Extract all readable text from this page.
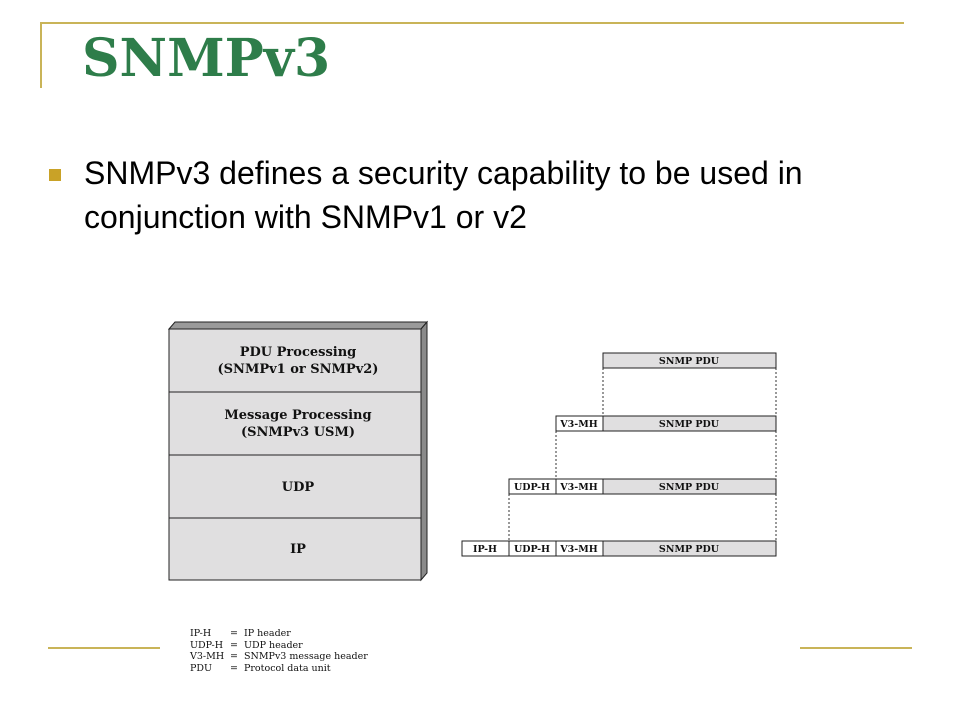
SNMPv3
SNMPv3 defines a security capability to be used in conjunction with SNMPv1 or v2
PDU Processing
(SNMPv1 or SNMPv2)
Message Processing
(SNMPv3 USM)
UDP
IP
SNMP PDU
V3-MH	SNMP PDU
UDP-H V3-MH	SNMP PDU
IP-H UDP-H V3-MH	SNMP PDU
IP-H	= IP header
UDP-H = UDP header
V3-MH = SNMPv3 message header
PDU	= Protocol data unit
